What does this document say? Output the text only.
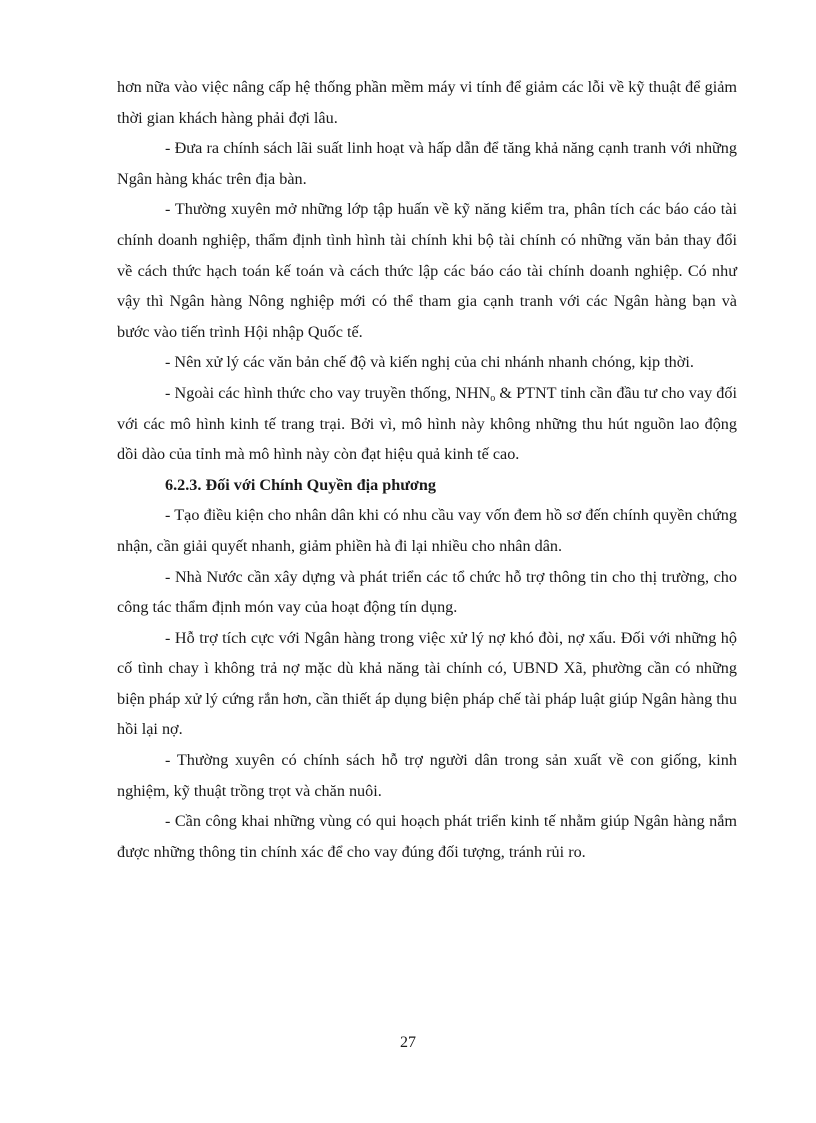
hơn nữa vào việc nâng cấp hệ thống phần mềm máy vi tính để giảm các lỗi về kỹ thuật để giảm thời gian khách hàng phải đợi lâu.

- Đưa ra chính sách lãi suất linh hoạt và hấp dẫn để tăng khả năng cạnh tranh với những Ngân hàng khác trên địa bàn.

- Thường xuyên mở những lớp tập huấn về kỹ năng kiểm tra, phân tích các báo cáo tài chính doanh nghiệp, thẩm định tình hình tài chính khi bộ tài chính có những văn bản thay đổi về cách thức hạch toán kế toán và cách thức lập các báo cáo tài chính doanh nghiệp. Có như vậy thì Ngân hàng Nông nghiệp mới có thể tham gia cạnh tranh với các Ngân hàng bạn và bước vào tiến trình Hội nhập Quốc tế.

- Nên xử lý các văn bản chế độ và kiến nghị của chi nhánh nhanh chóng, kịp thời.

- Ngoài các hình thức cho vay truyền thống, $NHN_o$ & PTNT tỉnh cần đầu tư cho vay đối với các mô hình kinh tế trang trại. Bởi vì, mô hình này không những thu hút nguồn lao động dồi dào của tỉnh mà mô hình này còn đạt hiệu quả kinh tế cao.

6.2.3. Đối với Chính Quyền địa phương

- Tạo điều kiện cho nhân dân khi có nhu cầu vay vốn đem hồ sơ đến chính quyền chứng nhận, cần giải quyết nhanh, giảm phiền hà đi lại nhiều cho nhân dân.

- Nhà Nước cần xây dựng và phát triển các tổ chức hỗ trợ thông tin cho thị trường, cho công tác thẩm định món vay của hoạt động tín dụng.

- Hỗ trợ tích cực với Ngân hàng trong việc xử lý nợ khó đòi, nợ xấu. Đối với những hộ cố tình chay ì không trả nợ mặc dù khả năng tài chính có, UBND Xã, phường cần có những biện pháp xử lý cứng rắn hơn, cần thiết áp dụng biện pháp chế tài pháp luật giúp Ngân hàng thu hồi lại nợ.

- Thường xuyên có chính sách hỗ trợ người dân trong sản xuất về con giống, kinh nghiệm, kỹ thuật trồng trọt và chăn nuôi.

- Cần công khai những vùng có qui hoạch phát triển kinh tế nhằm giúp Ngân hàng nắm được những thông tin chính xác để cho vay đúng đối tượng, tránh rủi ro.

27
